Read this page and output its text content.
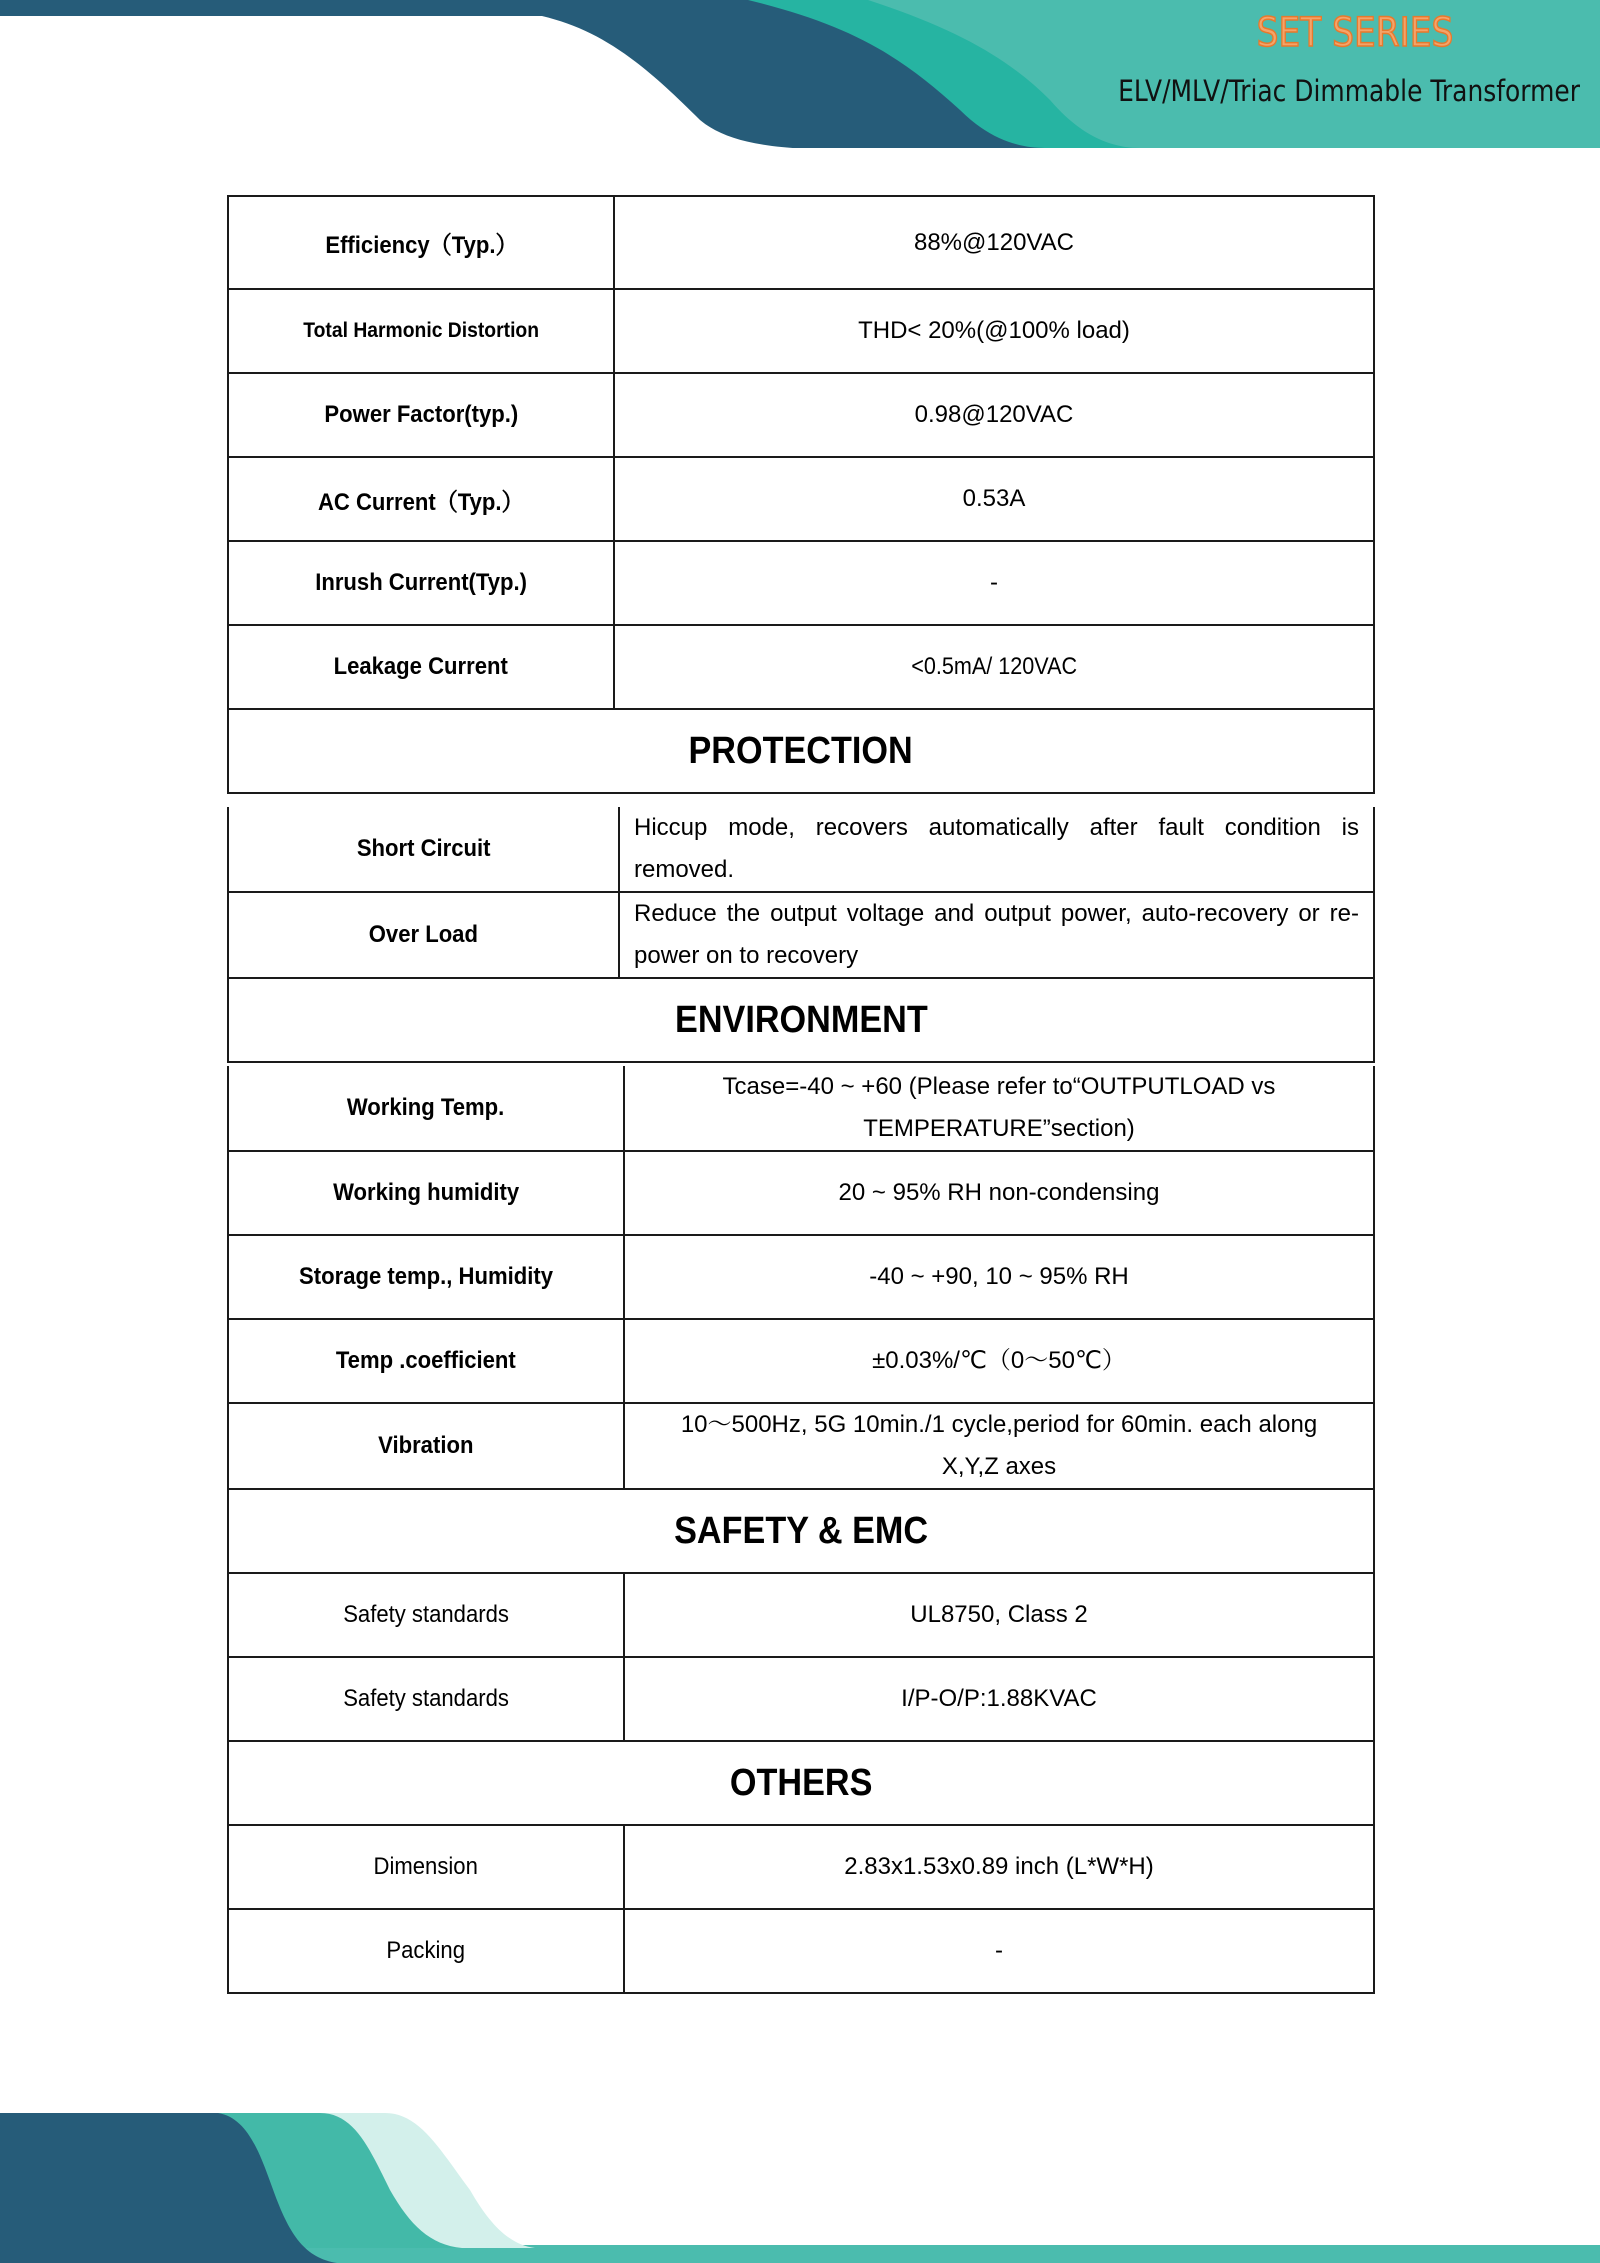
SET SERIES
ELV/MLV/Triac Dimmable Transformer
Efficiency（Typ.）	88%@120VAC
Total Harmonic Distortion	THD< 20%(@100% load)
Power Factor(typ.)	0.98@120VAC
AC Current（Typ.）	0.53A
Inrush Current(Typ.)	-
Leakage Current	<0.5mA/ 120VAC
PROTECTION	
Short Circuit	Hiccup mode, recovers automatically after fault condition is removed.
Over Load	Reduce the output voltage and output power, auto-recovery or re-power on to recovery
ENVIRONMENT	
Working Temp.	Tcase=-40 ~ +60 (Please refer to“OUTPUTLOAD vs
TEMPERATURE”section)

Working humidity	20 ~ 95% RH non-condensing
Storage temp., Humidity	-40 ~ +90, 10 ~ 95% RH
Temp .coefficient	±0.03%/℃（0～50℃）
Vibration	10～500Hz, 5G 10min./1 cycle,period for 60min. each along
X,Y,Z axes

SAFETY & EMC	
Safety standards	UL8750, Class 2
Safety standards	I/P-O/P:1.88KVAC
OTHERS	
Dimension	2.83x1.53x0.89 inch (L*W*H)
Packing	-
